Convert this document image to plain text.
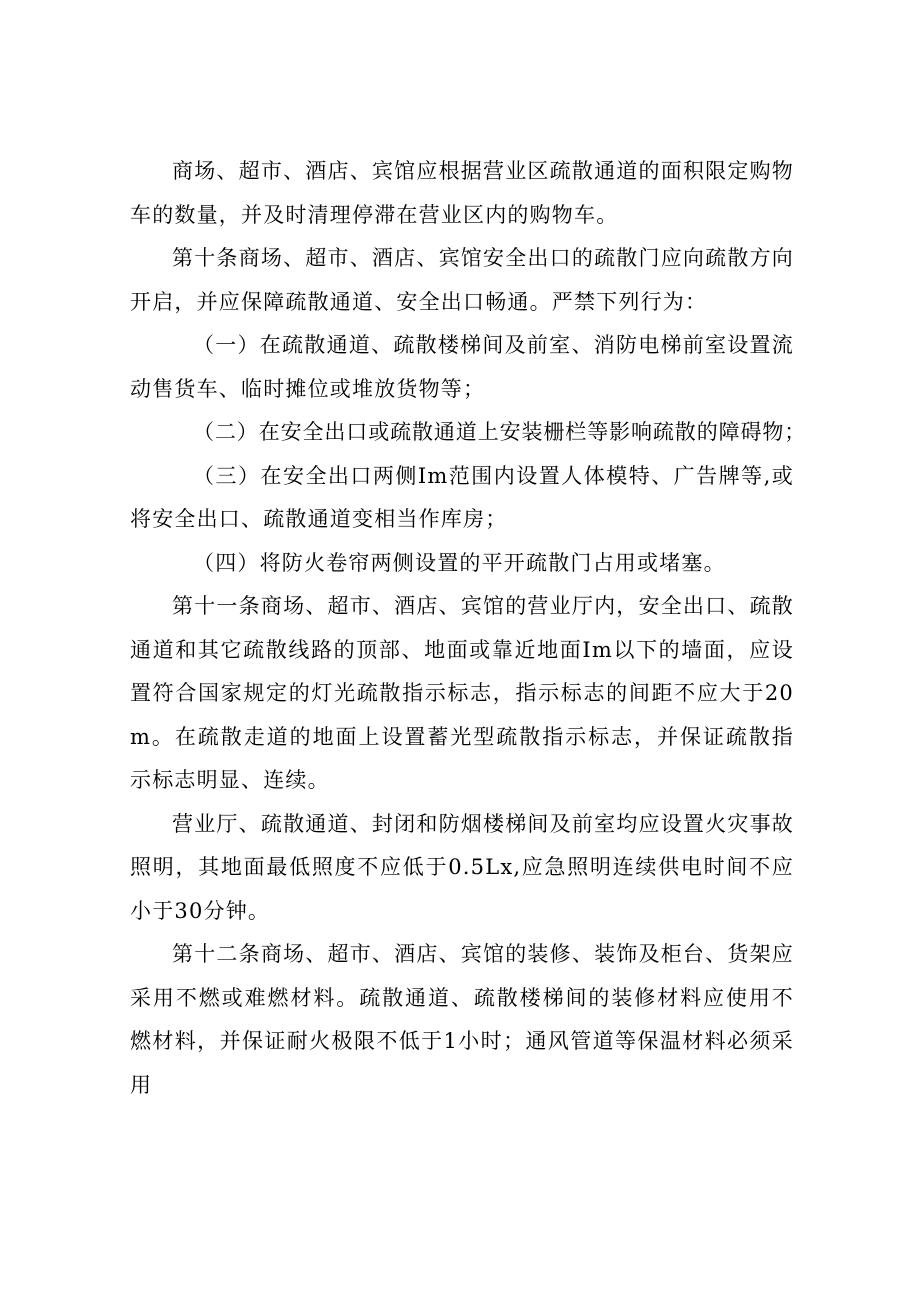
商场、超市、酒店、宾馆应根据营业区疏散通道的面积限定购物车的数量，并及时清理停滞在营业区内的购物车。

第十条商场、超市、酒店、宾馆安全出口的疏散门应向疏散方向开启，并应保障疏散通道、安全出口畅通。严禁下列行为：

（一）在疏散通道、疏散楼梯间及前室、消防电梯前室设置流动售货车、临时摊位或堆放货物等；

（二）在安全出口或疏散通道上安装栅栏等影响疏散的障碍物；

（三）在安全出口两侧Im范围内设置人体模特、广告牌等,或将安全出口、疏散通道变相当作库房；

（四）将防火卷帘两侧设置的平开疏散门占用或堵塞。

第十一条商场、超市、酒店、宾馆的营业厅内，安全出口、疏散通道和其它疏散线路的顶部、地面或靠近地面Im以下的墙面，应设置符合国家规定的灯光疏散指示标志，指示标志的间距不应大于20m。在疏散走道的地面上设置蓄光型疏散指示标志，并保证疏散指示标志明显、连续。

营业厅、疏散通道、封闭和防烟楼梯间及前室均应设置火灾事故照明，其地面最低照度不应低于0.5Lx,应急照明连续供电时间不应小于30分钟。

第十二条商场、超市、酒店、宾馆的装修、装饰及柜台、货架应采用不燃或难燃材料。疏散通道、疏散楼梯间的装修材料应使用不燃材料，并保证耐火极限不低于1小时；通风管道等保温材料必须采用
